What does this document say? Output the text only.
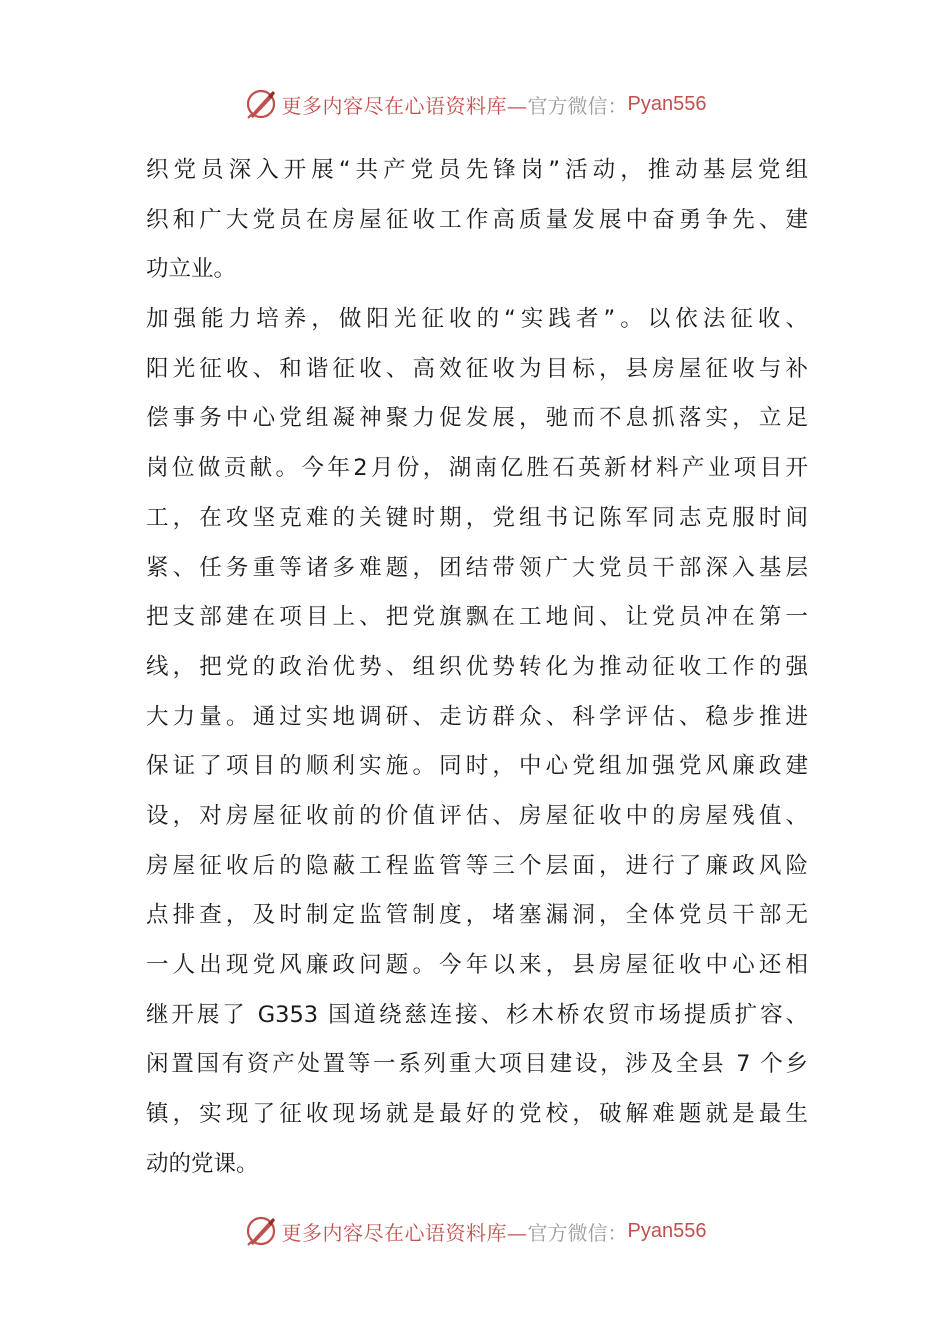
更多内容尽在心语资料库— 官方微信： Pyan556
织党员深入开展“共产党员先锋岗”活动，推动基层党组
织和广大党员在房屋征收工作高质量发展中奋勇争先、建
功立业。
加强能力培养，做阳光征收的“实践者”。以依法征收、
阳光征收、和谐征收、高效征收为目标，县房屋征收与补
偿事务中心党组凝神聚力促发展，驰而不息抓落实，立足
岗位做贡献。今年2月份，湖南亿胜石英新材料产业项目开
工，在攻坚克难的关键时期，党组书记陈军同志克服时间
紧、任务重等诸多难题，团结带领广大党员干部深入基层
把支部建在项目上、把党旗飘在工地间、让党员冲在第一
线，把党的政治优势、组织优势转化为推动征收工作的强
大力量。通过实地调研、走访群众、科学评估、稳步推进
保证了项目的顺利实施。同时，中心党组加强党风廉政建
设，对房屋征收前的价值评估、房屋征收中的房屋残值、
房屋征收后的隐蔽工程监管等三个层面，进行了廉政风险
点排查，及时制定监管制度，堵塞漏洞，全体党员干部无
一人出现党风廉政问题。今年以来，县房屋征收中心还相
继开展了 G353 国道绕慈连接、杉木桥农贸市场提质扩容、
闲置国有资产处置等一系列重大项目建设，涉及全县 7 个乡
镇，实现了征收现场就是最好的党校，破解难题就是最生
动的党课。
更多内容尽在心语资料库— 官方微信： Pyan556
